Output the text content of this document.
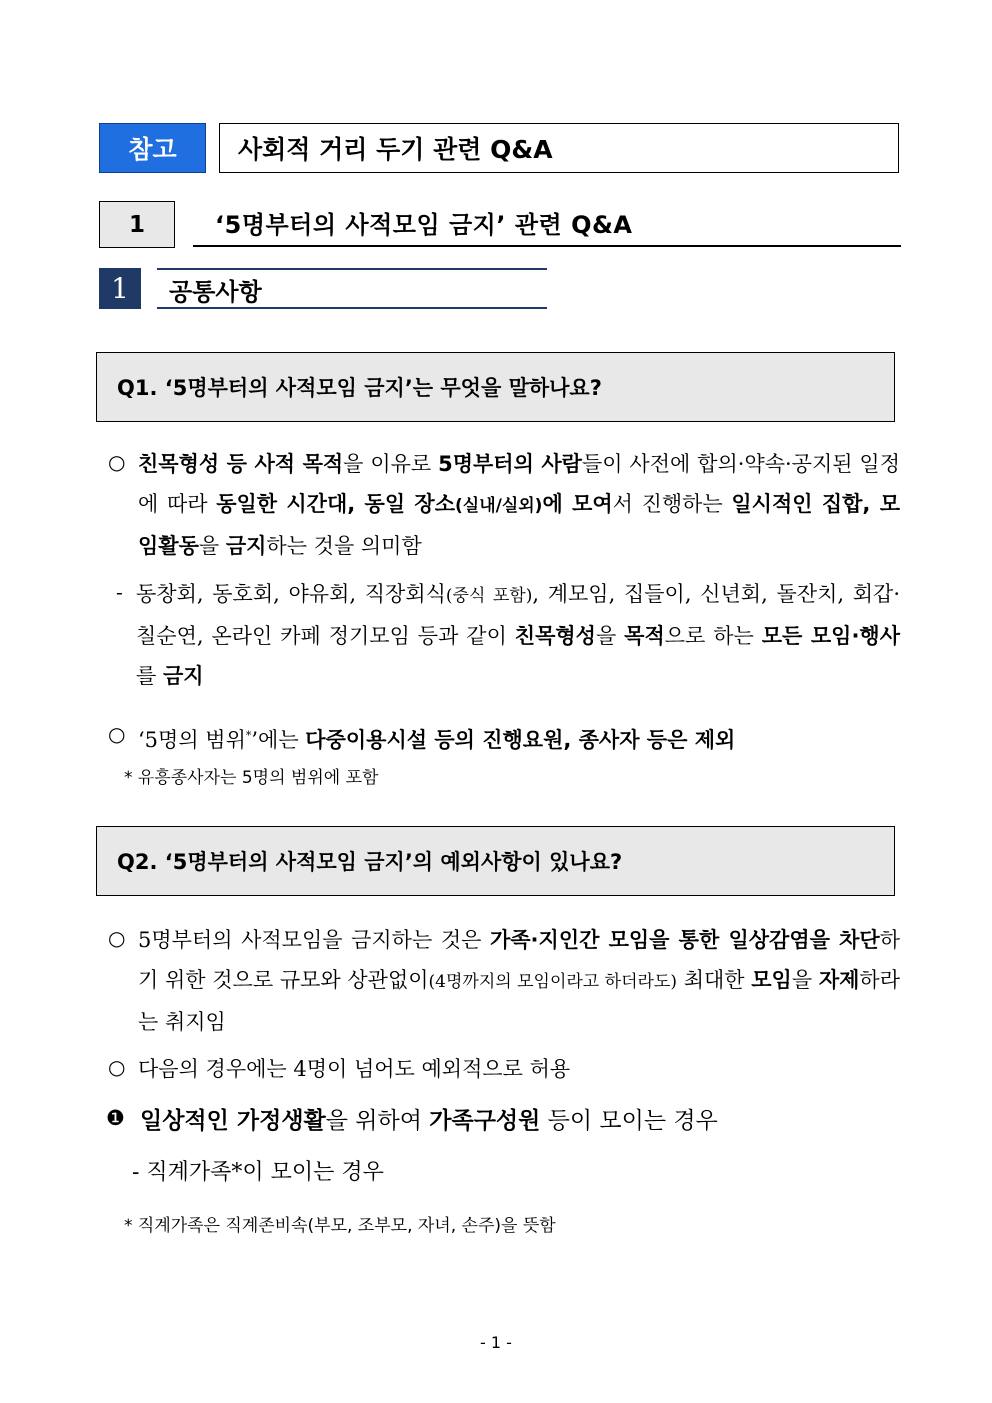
참고	사회적 거리 두기 관련 Q&A
1	‘5명부터의 사적모임 금지’ 관련 Q&A
1	공통사항
Q1. ‘5명부터의 사적모임 금지’는 무엇을 말하나요?
○ 친목형성 등 사적 목적을 이유로 5명부터의 사람들이 사전에 합의·약속·공지된 일정에 따라 동일한 시간대, 동일 장소(실내/실외)에 모여서 진행하는 일시적인 집합, 모임활동을 금지하는 것을 의미함
- 동창회, 동호회, 야유회, 직장회식(중식 포함), 계모임, 집들이, 신년회, 돌잔치, 회갑·칠순연, 온라인 카페 정기모임 등과 같이 친목형성을 목적으로 하는 모든 모임·행사를 금지
○ ‘5명의 범위*’에는 다중이용시설 등의 진행요원, 종사자 등은 제외
* 유흥종사자는 5명의 범위에 포함
Q2. ‘5명부터의 사적모임 금지’의 예외사항이 있나요?
○ 5명부터의 사적모임을 금지하는 것은 가족·지인간 모임을 통한 일상감염을 차단하기 위한 것으로 규모와 상관없이(4명까지의 모임이라고 하더라도) 최대한 모임을 자제하라는 취지임
○ 다음의 경우에는 4명이 넘어도 예외적으로 허용
❶ 일상적인 가정생활을 위하여 가족구성원 등이 모이는 경우
- 직계가족*이 모이는 경우
* 직계가족은 직계존비속(부모, 조부모, 자녀, 손주)을 뜻함
- 1 -
